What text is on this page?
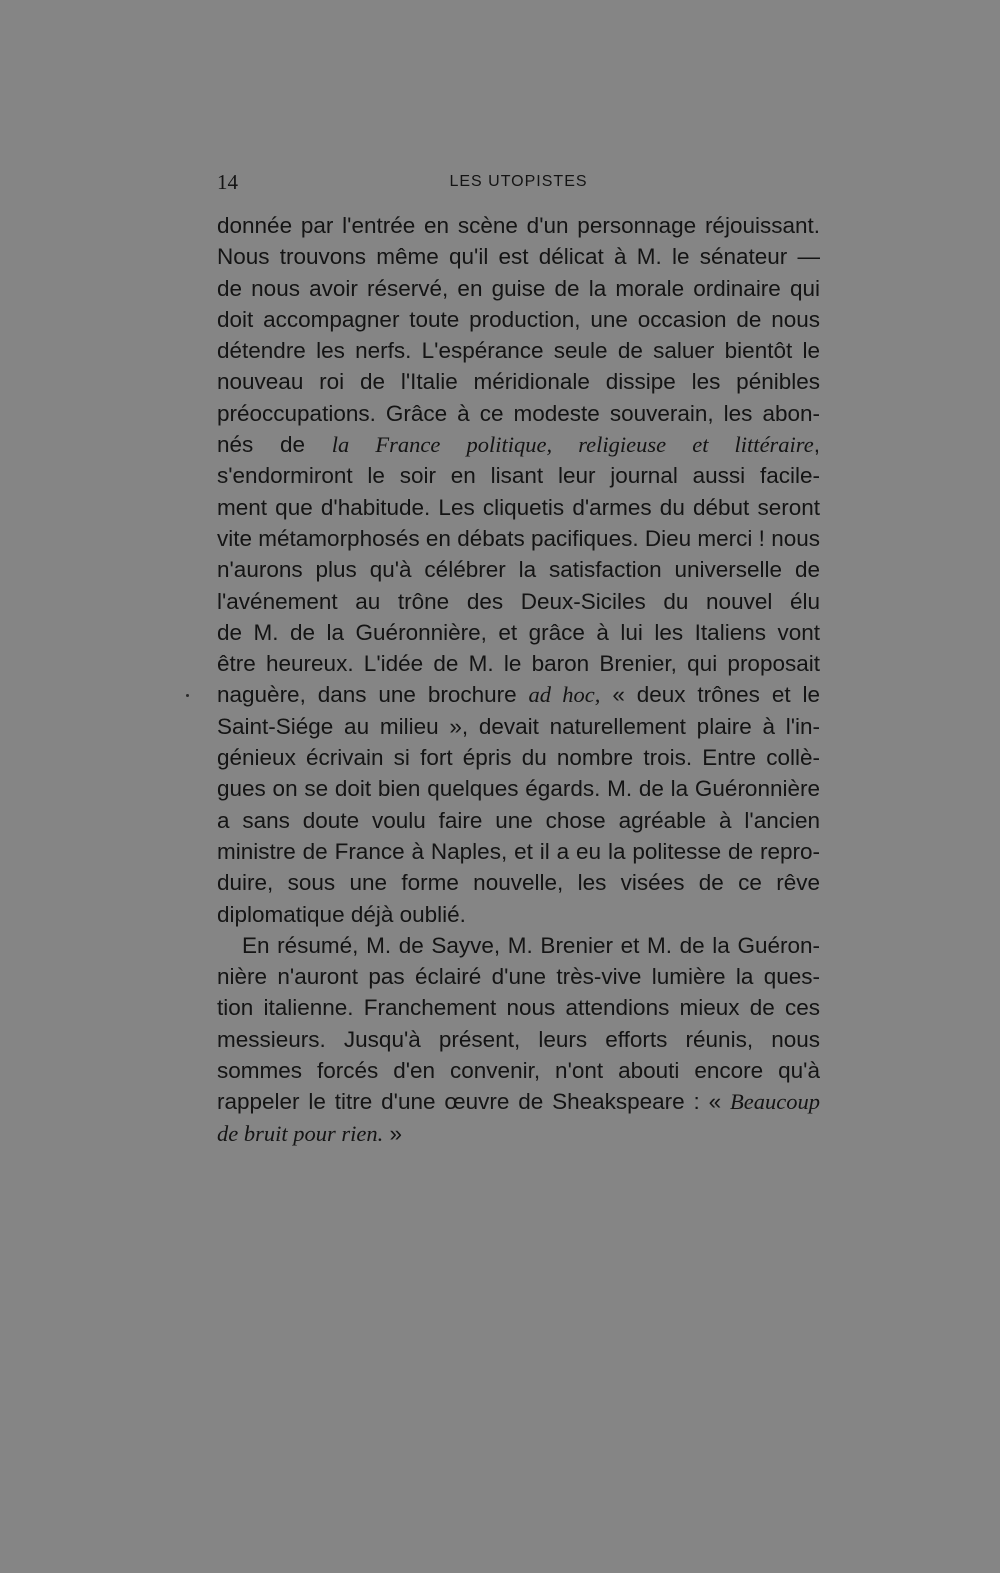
14	LES UTOPISTES
donnée par l'entrée en scène d'un personnage réjouissant.
Nous trouvons même qu'il est délicat à M. le sénateur —
de nous avoir réservé, en guise de la morale ordinaire qui
doit accompagner toute production, une occasion de nous
détendre les nerfs. L'espérance seule de saluer bientôt le
nouveau roi de l'Italie méridionale dissipe les pénibles
préoccupations. Grâce à ce modeste souverain, les abon-
nés de la France politique, religieuse et littéraire,
s'endormiront le soir en lisant leur journal aussi facile-
ment que d'habitude. Les cliquetis d'armes du début seront
vite métamorphosés en débats pacifiques. Dieu merci ! nous
n'aurons plus qu'à célébrer la satisfaction universelle de
l'avénement au trône des Deux-Siciles du nouvel élu
de M. de la Guéronnière, et grâce à lui les Italiens vont
être heureux. L'idée de M. le baron Brenier, qui proposait
naguère, dans une brochure ad hoc, « deux trônes et le
Saint-Siége au milieu », devait naturellement plaire à l'in-
génieux écrivain si fort épris du nombre trois. Entre collè-
gues on se doit bien quelques égards. M. de la Guéronnière
a sans doute voulu faire une chose agréable à l'ancien
ministre de France à Naples, et il a eu la politesse de repro-
duire, sous une forme nouvelle, les visées de ce rêve
diplomatique déjà oublié.
En résumé, M. de Sayve, M. Brenier et M. de la Guéron-
nière n'auront pas éclairé d'une très-vive lumière la ques-
tion italienne. Franchement nous attendions mieux de ces
messieurs. Jusqu'à présent, leurs efforts réunis, nous
sommes forcés d'en convenir, n'ont abouti encore qu'à
rappeler le titre d'une œuvre de Sheakspeare : « Beaucoup
de bruit pour rien. »
